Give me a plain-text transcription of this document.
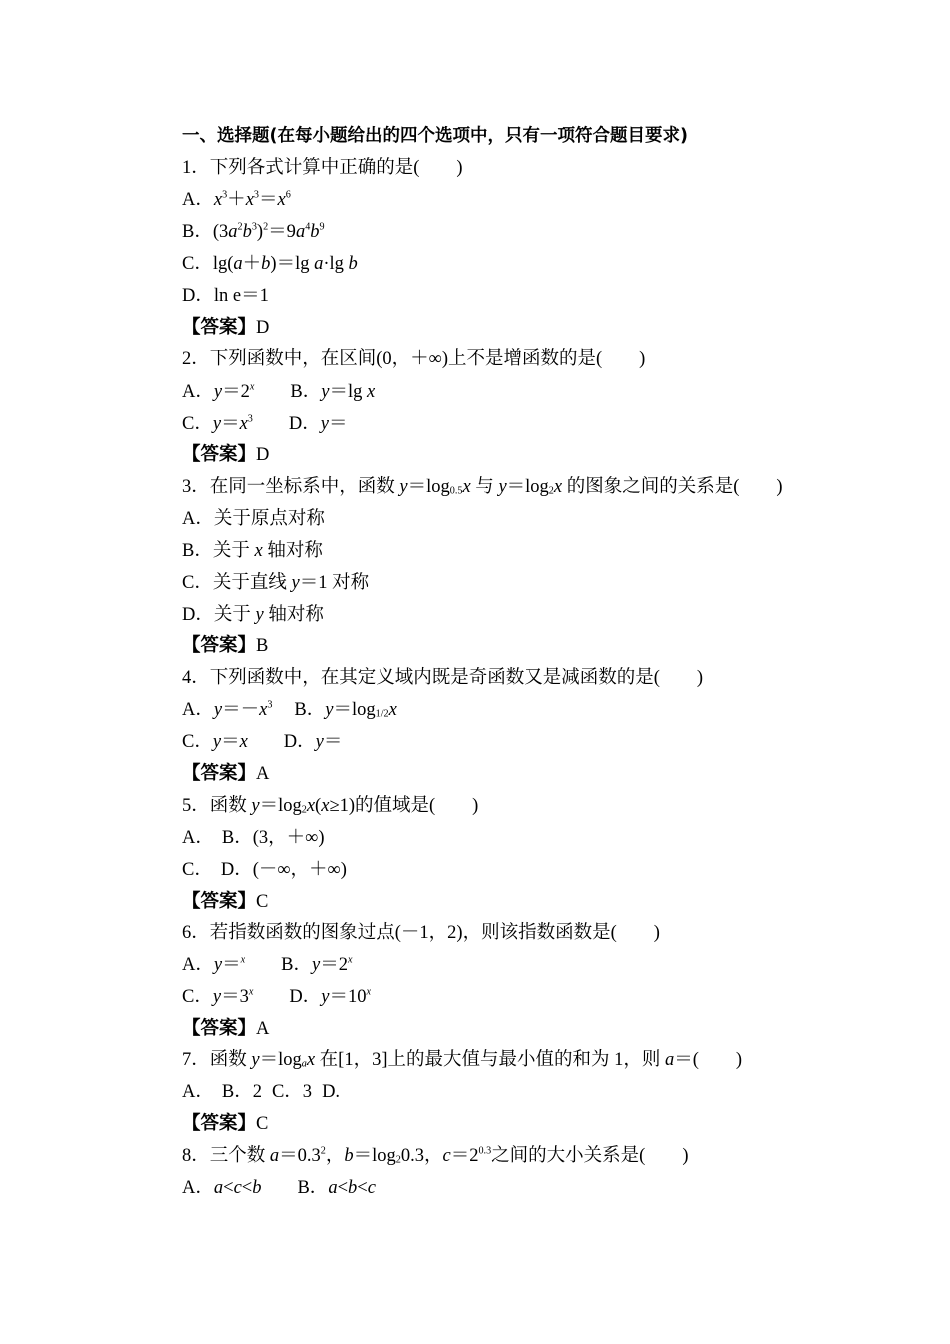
一、选择题(在每小题给出的四个选项中，只有一项符合题目要求)
1．下列各式计算中正确的是(　　)
A．$x^3+x^3=x^6$
B．$(3a^2b^3)^2=9a^4b^9$
C．lg(a＋b)＝lg a·lg b
D．ln e＝1
【答案】D
2．下列函数中，在区间(0，＋∞)上不是增函数的是(　　)
A．$y=2^x$ B．y＝lg x
C．$y=x^3$ D．y＝
【答案】D
3．在同一坐标系中，函数 $y=\log_{0.5}x$ 与 $y=\log_2x$ 的图象之间的关系是(　　)
A．关于原点对称
B．关于 x 轴对称
C．关于直线 y＝1 对称
D．关于 y 轴对称
【答案】B
4．下列函数中，在其定义域内既是奇函数又是减函数的是(　　)
A．$y=-x^3$ B．$y=\log_{1/2}x$
C．y＝x D．y＝
【答案】A
5．函数 $y=\log_2x(x\ge 1)$的值域是(　　)
A． B．(3，＋∞)
C． D．(－∞，＋∞)
【答案】C
6．若指数函数的图象过点(－1，2)，则该指数函数是(　　)
A．y＝$^x$ B．$y=2^x$
C．$y=3^x$ D．$y=10^x$
【答案】A
7．函数 $y=\log_ax$ 在[1，3]上的最大值与最小值的和为 1，则 a＝(　　)
A． B．2 C．3 D.
【答案】C
8．三个数 $a=0.3^2$，$b=\log_20.3$，$c=2^{0.3}$之间的大小关系是(　　)
A．a<c<b B．a<b<c
